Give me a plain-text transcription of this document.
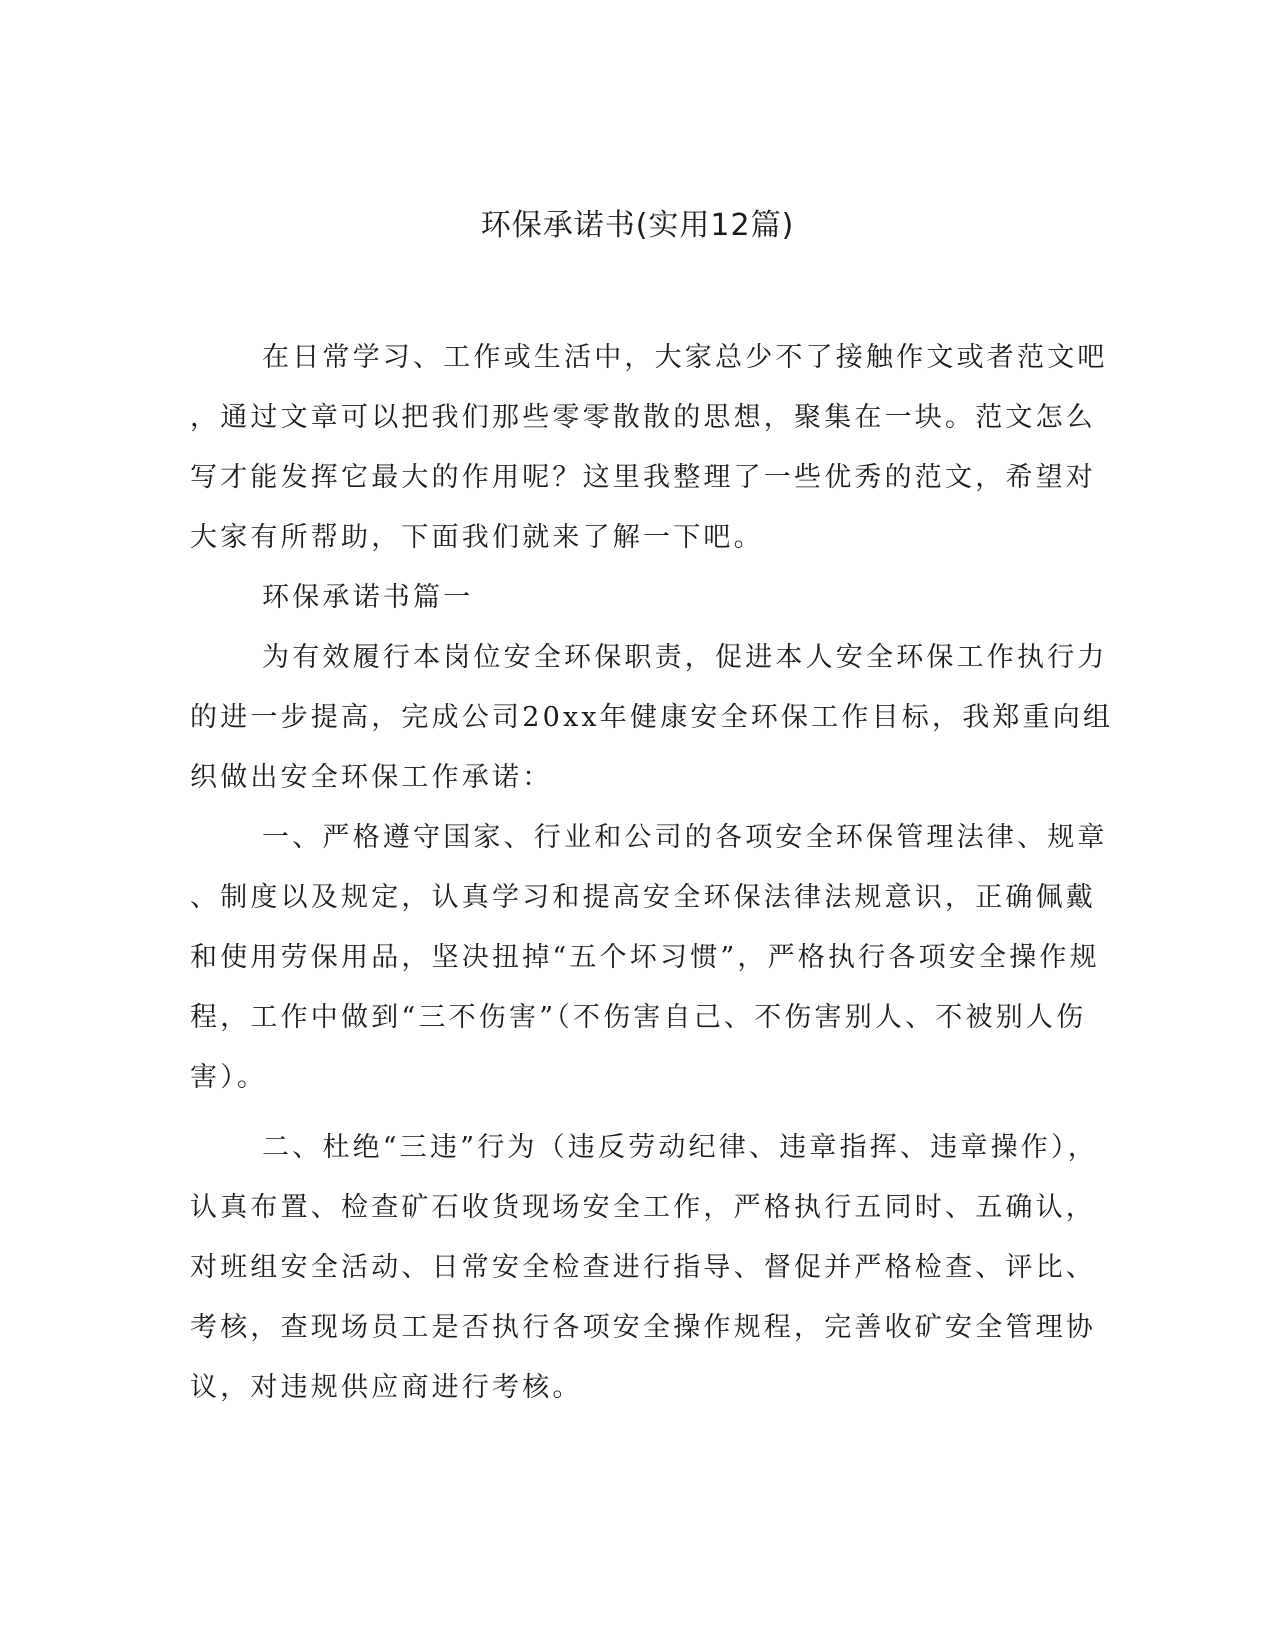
环保承诺书(实用12篇)
在日常学习、工作或生活中，大家总少不了接触作文或者范文吧
，通过文章可以把我们那些零零散散的思想，聚集在一块。范文怎么
写才能发挥它最大的作用呢？这里我整理了一些优秀的范文，希望对
大家有所帮助，下面我们就来了解一下吧。
环保承诺书篇一
为有效履行本岗位安全环保职责，促进本人安全环保工作执行力
的进一步提高，完成公司20xx年健康安全环保工作目标，我郑重向组
织做出安全环保工作承诺：
一、严格遵守国家、行业和公司的各项安全环保管理法律、规章
、制度以及规定，认真学习和提高安全环保法律法规意识，正确佩戴
和使用劳保用品，坚决扭掉“五个坏习惯”，严格执行各项安全操作规
程，工作中做到“三不伤害”（不伤害自己、不伤害别人、不被别人伤
害）。
二、杜绝“三违”行为（违反劳动纪律、违章指挥、违章操作），
认真布置、检查矿石收货现场安全工作，严格执行五同时、五确认，
对班组安全活动、日常安全检查进行指导、督促并严格检查、评比、
考核，查现场员工是否执行各项安全操作规程，完善收矿安全管理协
议，对违规供应商进行考核。
